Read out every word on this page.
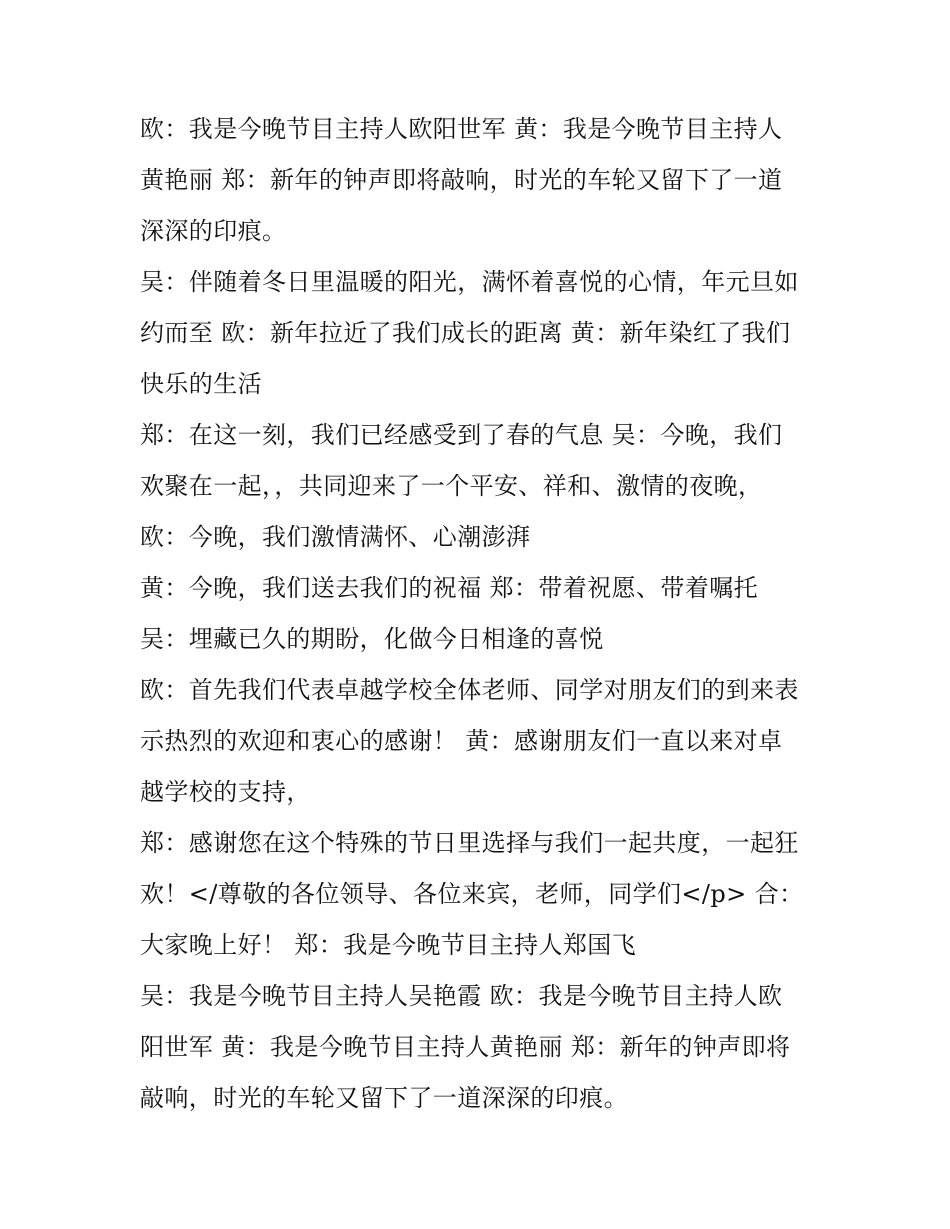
欧：我是今晚节目主持人欧阳世军 黄：我是今晚节目主持人
黄艳丽 郑：新年的钟声即将敲响，时光的车轮又留下了一道
深深的印痕。
吴：伴随着冬日里温暖的阳光，满怀着喜悦的心情，年元旦如
约而至 欧：新年拉近了我们成长的距离 黄：新年染红了我们
快乐的生活
郑：在这一刻，我们已经感受到了春的气息 吴：今晚，我们
欢聚在一起，，共同迎来了一个平安、祥和、激情的夜晚，
欧：今晚，我们激情满怀、心潮澎湃
黄：今晚，我们送去我们的祝福 郑：带着祝愿、带着嘱托
吴：埋藏已久的期盼，化做今日相逢的喜悦
欧：首先我们代表卓越学校全体老师、同学对朋友们的到来表
示热烈的欢迎和衷心的感谢！ 黄：感谢朋友们一直以来对卓
越学校的支持，
郑：感谢您在这个特殊的节日里选择与我们一起共度，一起狂
欢！</尊敬的各位领导、各位来宾，老师，同学们</p> 合：
大家晚上好！ 郑：我是今晚节目主持人郑国飞
吴：我是今晚节目主持人吴艳霞 欧：我是今晚节目主持人欧
阳世军 黄：我是今晚节目主持人黄艳丽 郑：新年的钟声即将
敲响，时光的车轮又留下了一道深深的印痕。
